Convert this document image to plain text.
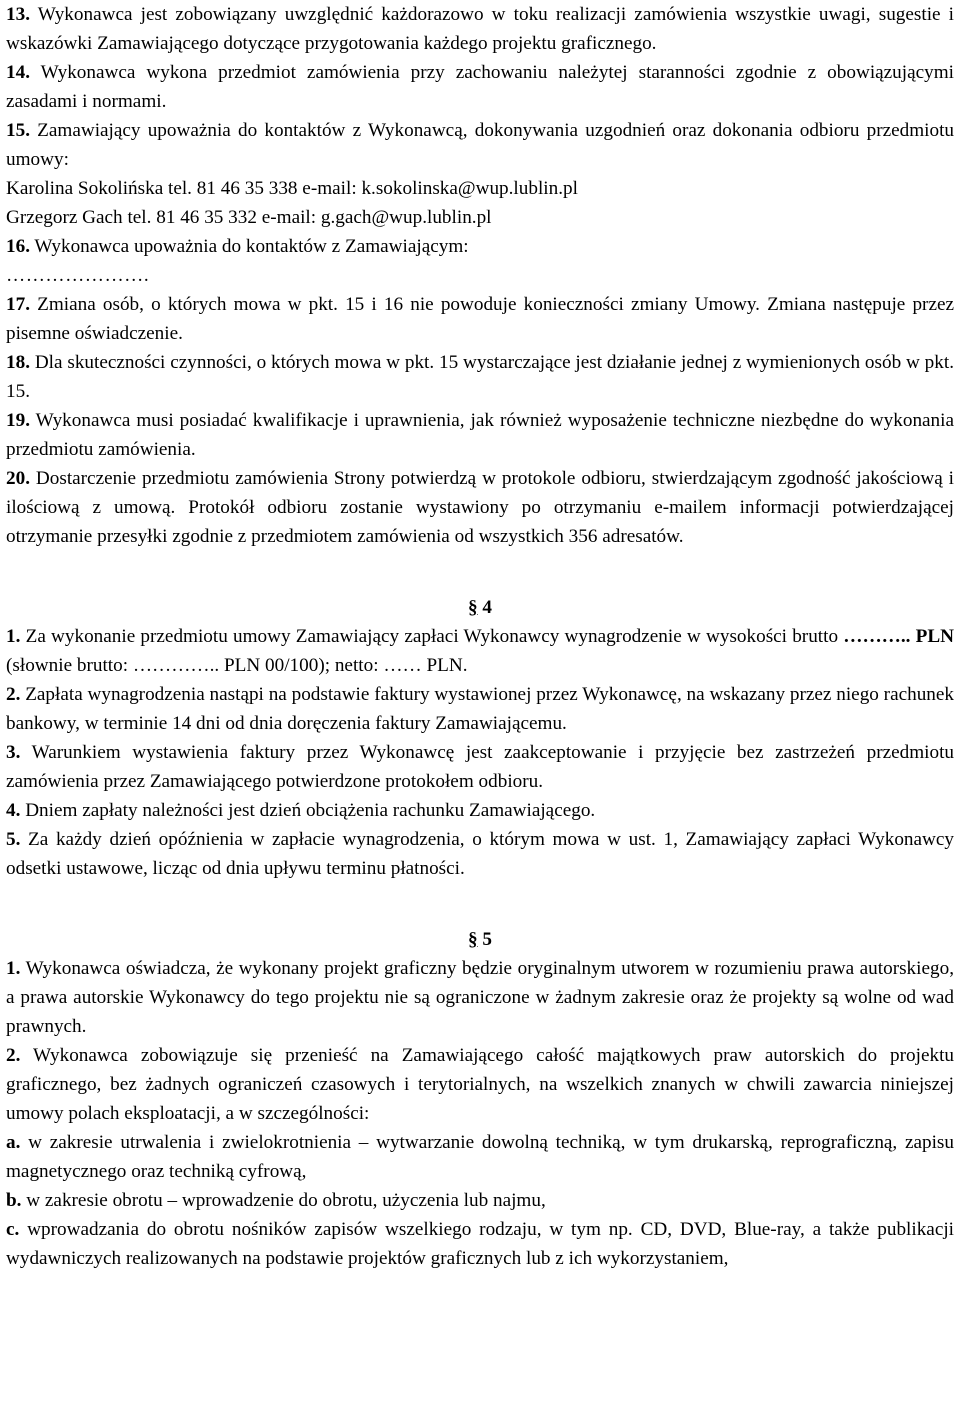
13. Wykonawca jest zobowiązany uwzględnić każdorazowo w toku realizacji zamówienia wszystkie uwagi, sugestie i wskazówki Zamawiającego dotyczące przygotowania każdego projektu graficznego.

14. Wykonawca wykona przedmiot zamówienia przy zachowaniu należytej staranności zgodnie z obowiązującymi zasadami i normami.

15. Zamawiający upoważnia do kontaktów z Wykonawcą, dokonywania uzgodnień oraz dokonania odbioru przedmiotu umowy:

Karolina Sokolińska tel. 81 46 35 338 e-mail: k.sokolinska@wup.lublin.pl

Grzegorz Gach tel. 81 46 35 332 e-mail: g.gach@wup.lublin.pl

16. Wykonawca upoważnia do kontaktów z Zamawiającym:

………………….

17. Zmiana osób, o których mowa w pkt. 15 i 16 nie powoduje konieczności zmiany Umowy. Zmiana następuje przez pisemne oświadczenie.

18. Dla skuteczności czynności, o których mowa w pkt. 15 wystarczające jest działanie jednej z wymienionych osób w pkt. 15.

19. Wykonawca musi posiadać kwalifikacje i uprawnienia, jak również wyposażenie techniczne niezbędne do wykonania przedmiotu zamówienia.

20. Dostarczenie przedmiotu zamówienia Strony potwierdzą w protokole odbioru, stwierdzającym zgodność jakościową i ilościową z umową. Protokół odbioru zostanie wystawiony po otrzymaniu e-mailem informacji potwierdzającej otrzymanie przesyłki zgodnie z przedmiotem zamówienia od wszystkich 356 adresatów.

§ 4

1. Za wykonanie przedmiotu umowy Zamawiający zapłaci Wykonawcy wynagrodzenie w wysokości brutto ……….. PLN (słownie brutto: ………….. PLN 00/100); netto: …… PLN.

2. Zapłata wynagrodzenia nastąpi na podstawie faktury wystawionej przez Wykonawcę, na wskazany przez niego rachunek bankowy, w terminie 14 dni od dnia doręczenia faktury Zamawiającemu.

3. Warunkiem wystawienia faktury przez Wykonawcę jest zaakceptowanie i przyjęcie bez zastrzeżeń przedmiotu zamówienia przez Zamawiającego potwierdzone protokołem odbioru.

4. Dniem zapłaty należności jest dzień obciążenia rachunku Zamawiającego.

5. Za każdy dzień opóźnienia w zapłacie wynagrodzenia, o którym mowa w ust. 1, Zamawiający zapłaci Wykonawcy odsetki ustawowe, licząc od dnia upływu terminu płatności.

§ 5

1. Wykonawca oświadcza, że wykonany projekt graficzny będzie oryginalnym utworem w rozumieniu prawa autorskiego, a prawa autorskie Wykonawcy do tego projektu nie są ograniczone w żadnym zakresie oraz że projekty są wolne od wad prawnych.

2. Wykonawca zobowiązuje się przenieść na Zamawiającego całość majątkowych praw autorskich do projektu graficznego, bez żadnych ograniczeń czasowych i terytorialnych, na wszelkich znanych w chwili zawarcia niniejszej umowy polach eksploatacji, a w szczególności:

a. w zakresie utrwalenia i zwielokrotnienia – wytwarzanie dowolną techniką, w tym drukarską, reprograficzną, zapisu magnetycznego oraz techniką cyfrową,

b. w zakresie obrotu – wprowadzenie do obrotu, użyczenia lub najmu,

c. wprowadzania do obrotu nośników zapisów wszelkiego rodzaju, w tym np. CD, DVD, Blue-ray, a także publikacji wydawniczych realizowanych na podstawie projektów graficznych lub z ich wykorzystaniem,
